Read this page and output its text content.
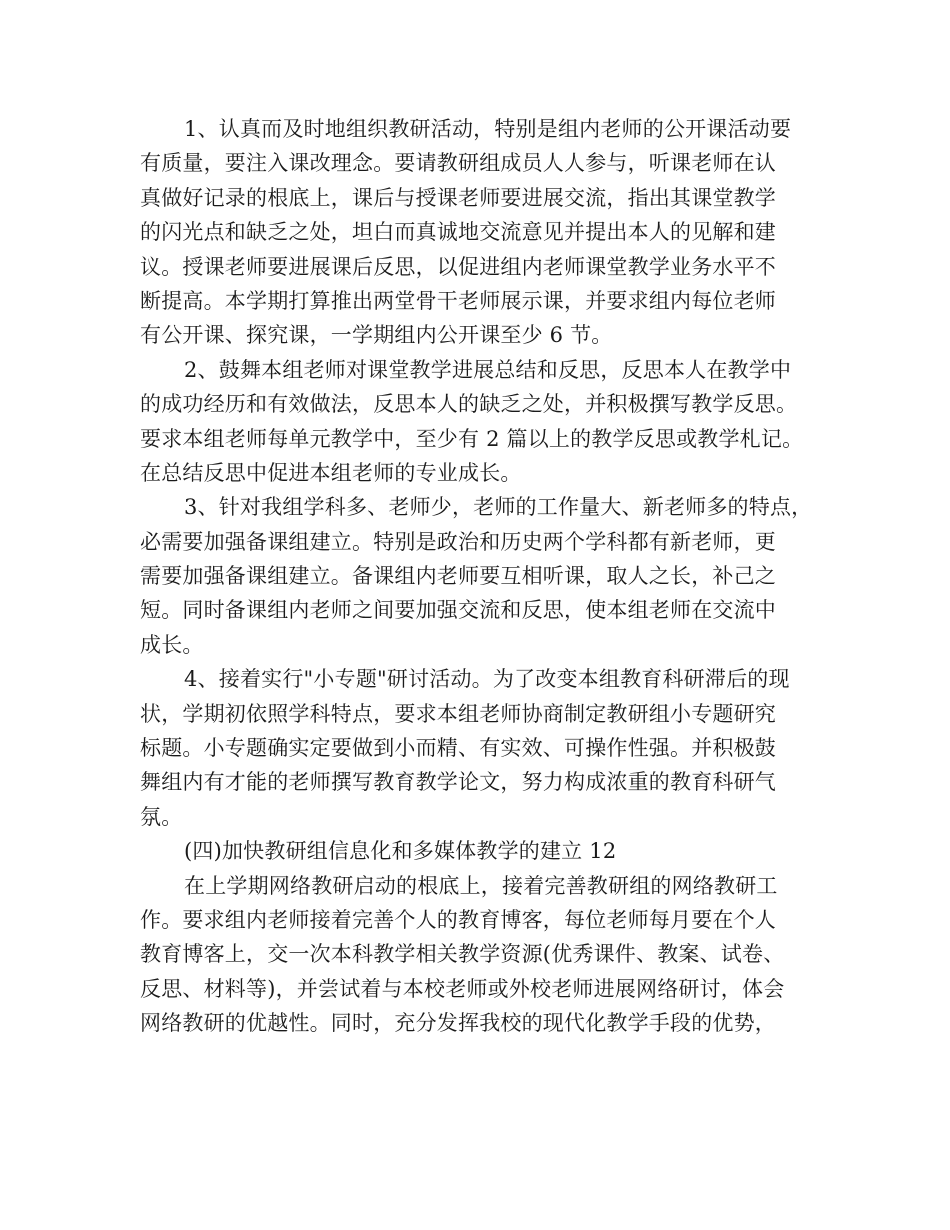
1、认真而及时地组织教研活动，特别是组内老师的公开课活动要
有质量，要注入课改理念。要请教研组成员人人参与，听课老师在认
真做好记录的根底上，课后与授课老师要进展交流，指出其课堂教学
的闪光点和缺乏之处，坦白而真诚地交流意见并提出本人的见解和建
议。授课老师要进展课后反思，以促进组内老师课堂教学业务水平不
断提高。本学期打算推出两堂骨干老师展示课，并要求组内每位老师
有公开课、探究课，一学期组内公开课至少 6 节。
2、鼓舞本组老师对课堂教学进展总结和反思，反思本人在教学中
的成功经历和有效做法，反思本人的缺乏之处，并积极撰写教学反思。
要求本组老师每单元教学中，至少有 2 篇以上的教学反思或教学札记。
在总结反思中促进本组老师的专业成长。
3、针对我组学科多、老师少，老师的工作量大、新老师多的特点，
必需要加强备课组建立。特别是政治和历史两个学科都有新老师，更
需要加强备课组建立。备课组内老师要互相听课，取人之长，补己之
短。同时备课组内老师之间要加强交流和反思，使本组老师在交流中
成长。
4、接着实行"小专题"研讨活动。为了改变本组教育科研滞后的现
状，学期初依照学科特点，要求本组老师协商制定教研组小专题研究
标题。小专题确实定要做到小而精、有实效、可操作性强。并积极鼓
舞组内有才能的老师撰写教育教学论文，努力构成浓重的教育科研气
氛。
(四)加快教研组信息化和多媒体教学的建立 12
在上学期网络教研启动的根底上，接着完善教研组的网络教研工
作。要求组内老师接着完善个人的教育博客，每位老师每月要在个人
教育博客上，交一次本科教学相关教学资源(优秀课件、教案、试卷、
反思、材料等)，并尝试着与本校老师或外校老师进展网络研讨，体会
网络教研的优越性。同时，充分发挥我校的现代化教学手段的优势，
